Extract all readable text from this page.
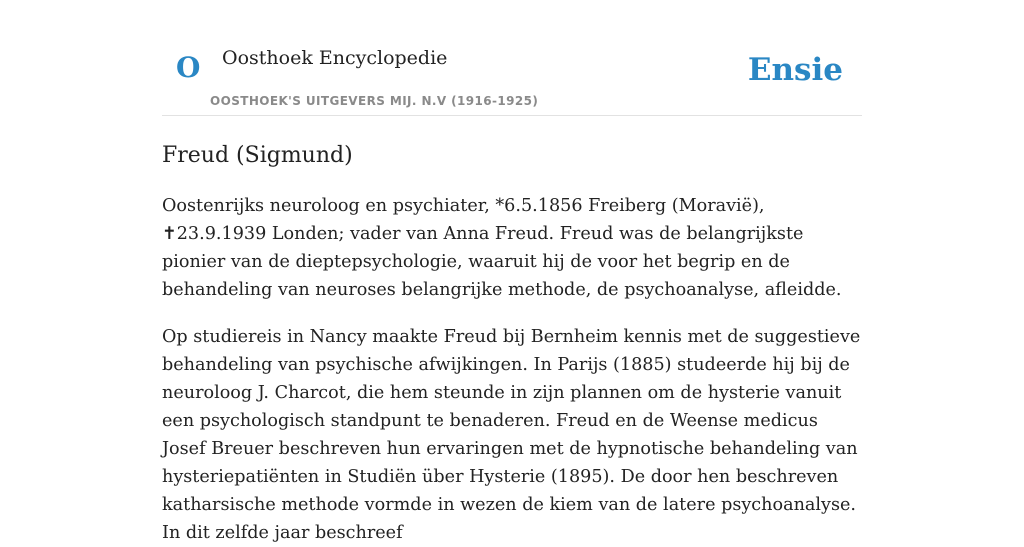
O Oosthoek Encyclopedie
OOSTHOEK'S UITGEVERS MIJ. N.V (1916-1925)
Ensie
Freud (Sigmund)

Oostenrijks neuroloog en psychiater, *6.5.1856 Freiberg (Moravië), ✝23.9.1939 Londen; vader van Anna Freud. Freud was de belangrijkste pionier van de dieptepsychologie, waaruit hij de voor het begrip en de behandeling van neuroses belangrijke methode, de psychoanalyse, afleidde.

Op studiereis in Nancy maakte Freud bij Bernheim kennis met de suggestieve behandeling van psychische afwijkingen. In Parijs (1885) studeerde hij bij de neuroloog J. Charcot, die hem steunde in zijn plannen om de hysterie vanuit een psychologisch standpunt te benaderen. Freud en de Weense medicus Josef Breuer beschreven hun ervaringen met de hypnotische behandeling van hysteriepatiënten in Studiën über Hysterie (1895). De door hen beschreven katharsische methode vormde in wezen de kiem van de latere psychoanalyse. In dit zelfde jaar beschreef
